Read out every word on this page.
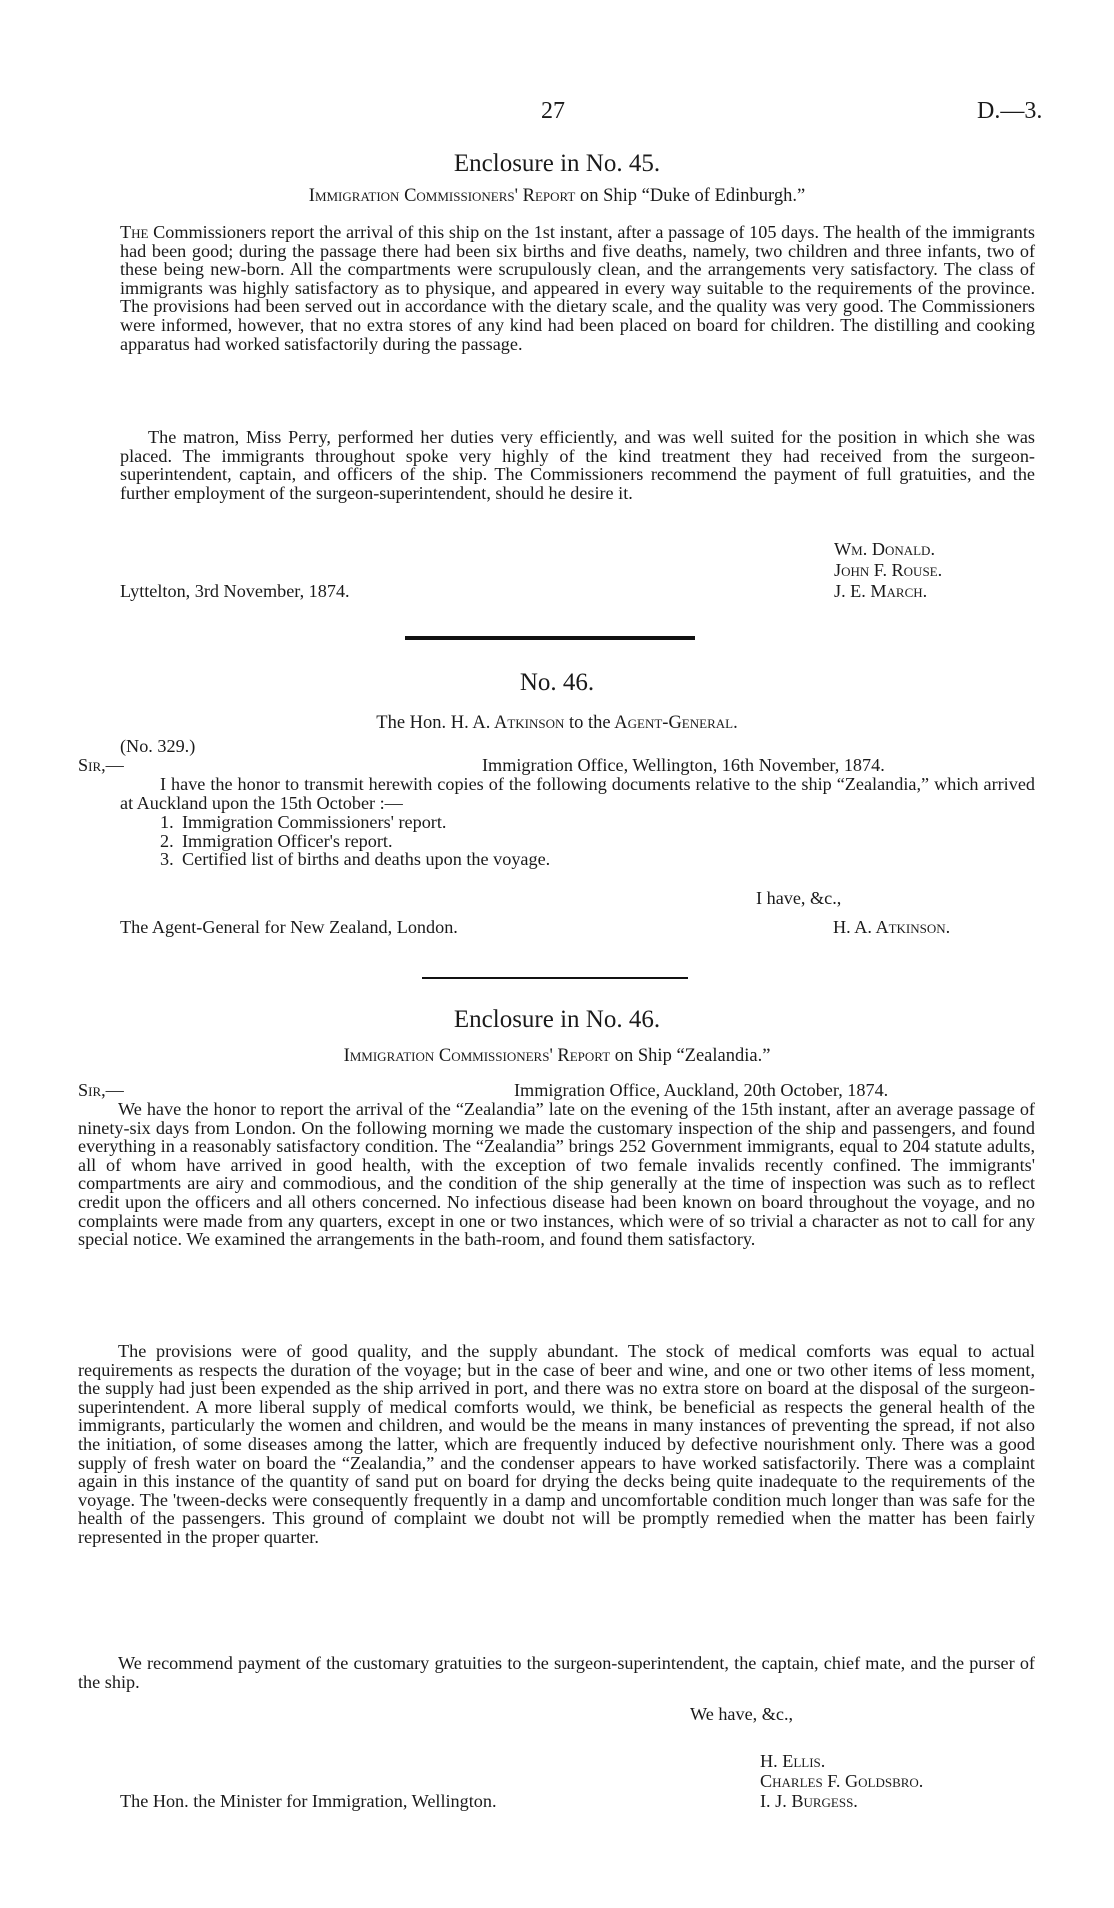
27	D.—3.
Enclosure in No. 45.
Immigration Commissioners' Report on Ship “Duke of Edinburgh.”

The Commissioners report the arrival of this ship on the 1st instant, after a passage of 105 days. The health of the immigrants had been good; during the passage there had been six births and five deaths, namely, two children and three infants, two of these being new-born. All the compartments were scrupulously clean, and the arrangements very satisfactory. The class of immigrants was highly satisfactory as to physique, and appeared in every way suitable to the requirements of the province. The provisions had been served out in accordance with the dietary scale, and the quality was very good. The Commissioners were informed, however, that no extra stores of any kind had been placed on board for children. The distilling and cooking apparatus had worked satisfactorily during the passage.

The matron, Miss Perry, performed her duties very efficiently, and was well suited for the position in which she was placed. The immigrants throughout spoke very highly of the kind treatment they had received from the surgeon-superintendent, captain, and officers of the ship. The Commissioners recommend the payment of full gratuities, and the further employment of the surgeon-superintendent, should he desire it.

Wm. Donald.
John F. Rouse.
J. E. March.
Lyttelton, 3rd November, 1874.
No. 46.
The Hon. H. A. Atkinson to the Agent-General.
(No. 329.)
Sir,—	Immigration Office, Wellington, 16th November, 1874.

I have the honor to transmit herewith copies of the following documents relative to the ship “Zealandia,” which arrived at Auckland upon the 15th October :—

1. Immigration Commissioners' report.
2. Immigration Officer's report.
3. Certified list of births and deaths upon the voyage.
I have, &c.,
H. A. Atkinson.
The Agent-General for New Zealand, London.
Enclosure in No. 46.
Immigration Commissioners' Report on Ship “Zealandia.”
Sir,—	Immigration Office, Auckland, 20th October, 1874.

We have the honor to report the arrival of the “Zealandia” late on the evening of the 15th instant, after an average passage of ninety-six days from London. On the following morning we made the customary inspection of the ship and passengers, and found everything in a reasonably satisfactory condition. The “Zealandia” brings 252 Government immigrants, equal to 204 statute adults, all of whom have arrived in good health, with the exception of two female invalids recently confined. The immigrants' compartments are airy and commodious, and the condition of the ship generally at the time of inspection was such as to reflect credit upon the officers and all others concerned. No infectious disease had been known on board throughout the voyage, and no complaints were made from any quarters, except in one or two instances, which were of so trivial a character as not to call for any special notice. We examined the arrangements in the bath-room, and found them satisfactory.

The provisions were of good quality, and the supply abundant. The stock of medical comforts was equal to actual requirements as respects the duration of the voyage; but in the case of beer and wine, and one or two other items of less moment, the supply had just been expended as the ship arrived in port, and there was no extra store on board at the disposal of the surgeon-superintendent. A more liberal supply of medical comforts would, we think, be beneficial as respects the general health of the immigrants, particularly the women and children, and would be the means in many instances of preventing the spread, if not also the initiation, of some diseases among the latter, which are frequently induced by defective nourishment only. There was a good supply of fresh water on board the “Zealandia,” and the condenser appears to have worked satisfactorily. There was a complaint again in this instance of the quantity of sand put on board for drying the decks being quite inadequate to the requirements of the voyage. The 'tween-decks were consequently frequently in a damp and uncomfortable condition much longer than was safe for the health of the passengers. This ground of complaint we doubt not will be promptly remedied when the matter has been fairly represented in the proper quarter.

We recommend payment of the customary gratuities to the surgeon-superintendent, the captain, chief mate, and the purser of the ship.

We have, &c.,
H. Ellis.
Charles F. Goldsbro.
I. J. Burgess.
The Hon. the Minister for Immigration, Wellington.
